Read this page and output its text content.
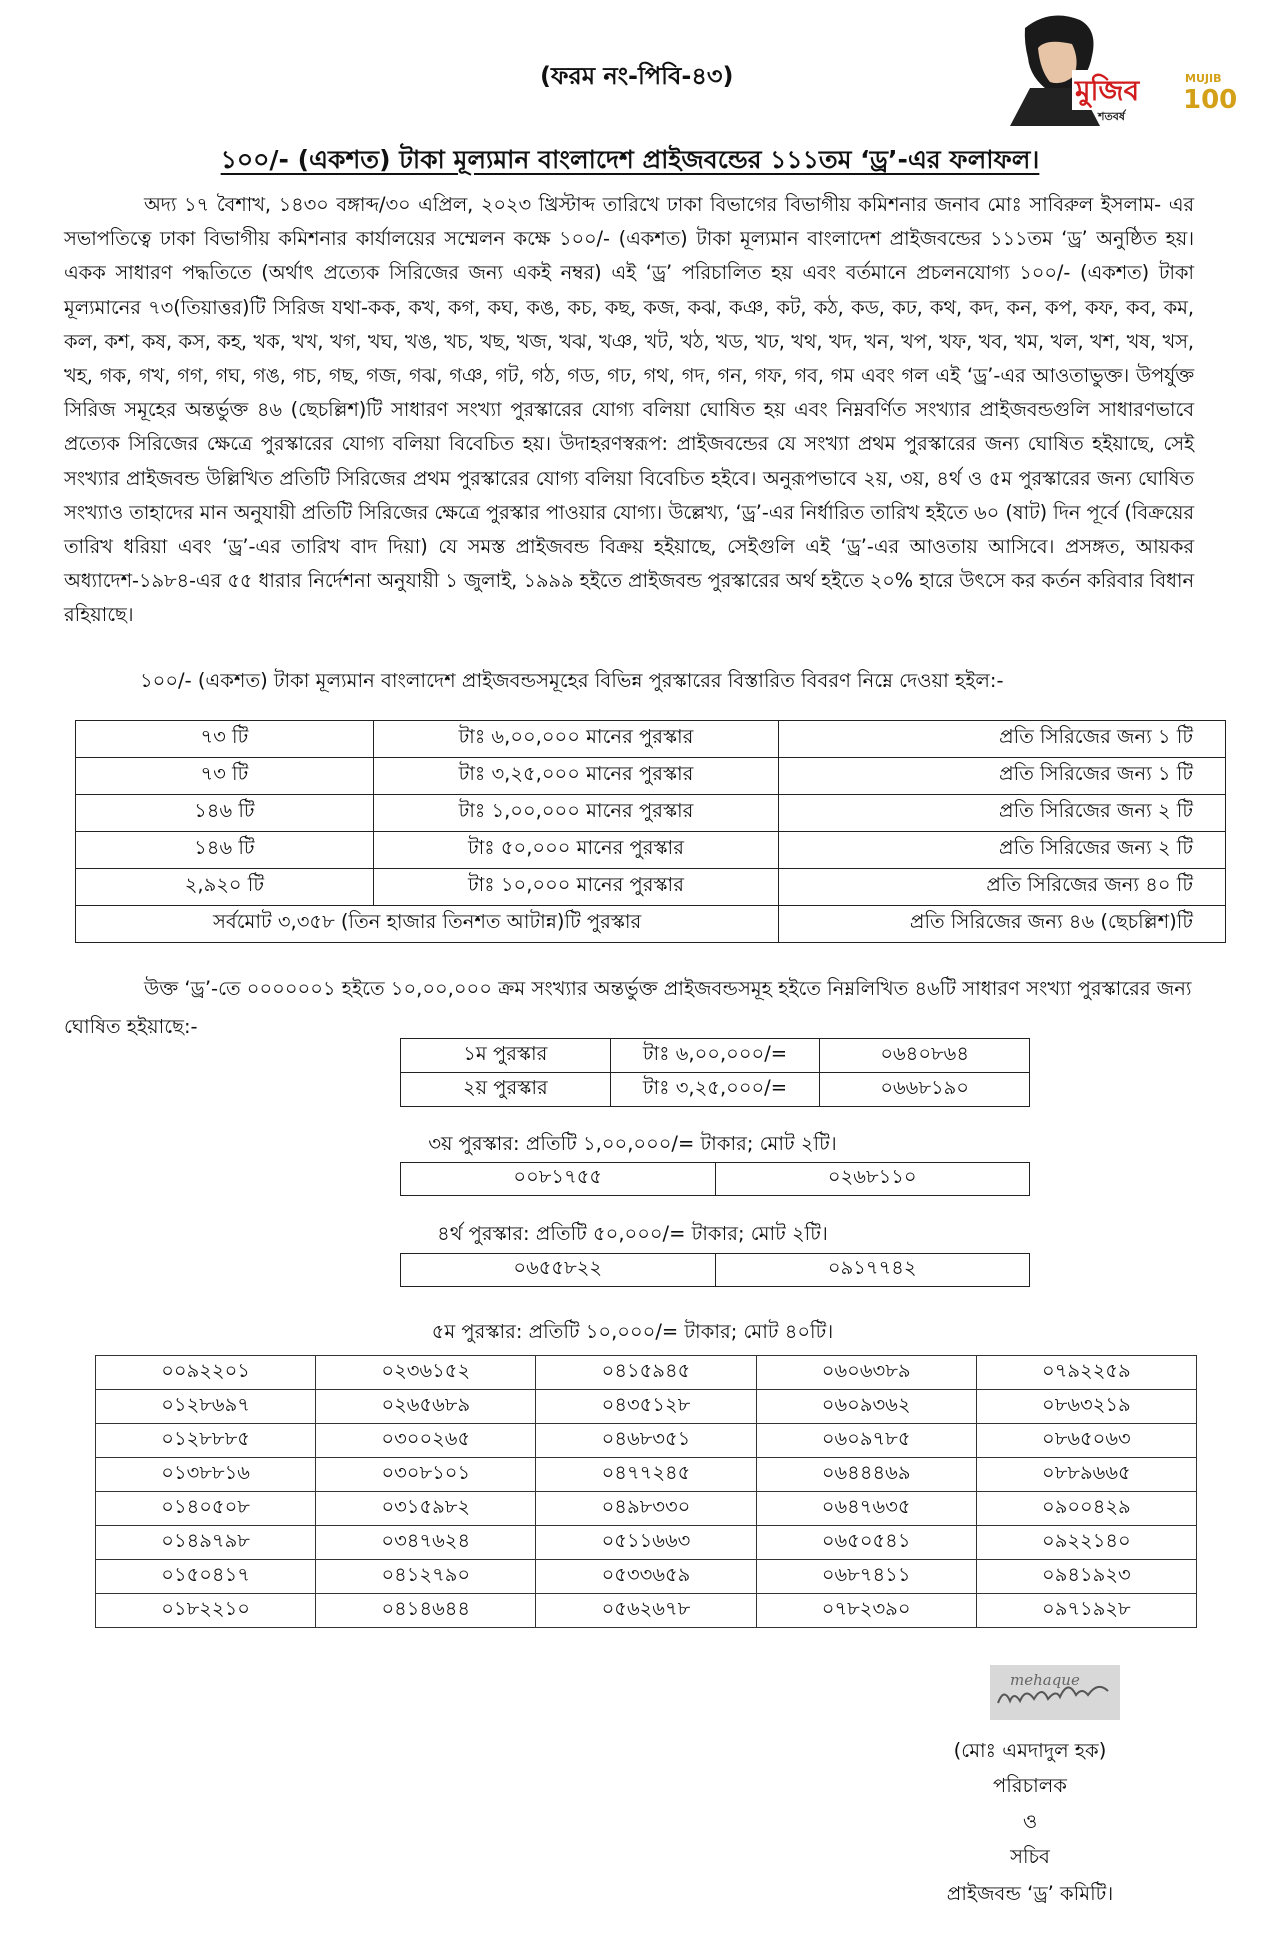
(ফরম নং-পিবি-৪৩)	মুজিব	MUJIB
100
শতবর্ষ
১০০/- (একশত) টাকা মূল্যমান বাংলাদেশ প্রাইজবন্ডের ১১১তম ‘ড্র’-এর ফলাফল।
অদ্য ১৭ বৈশাখ, ১৪৩০ বঙ্গাব্দ/৩০ এপ্রিল, ২০২৩ খ্রিস্টাব্দ তারিখে ঢাকা বিভাগের বিভাগীয় কমিশনার জনাব মোঃ সাবিরুল ইসলাম- এর সভাপতিত্বে ঢাকা বিভাগীয় কমিশনার কার্যালয়ের সম্মেলন কক্ষে ১০০/- (একশত) টাকা মূল্যমান বাংলাদেশ প্রাইজবন্ডের ১১১তম ‘ড্র’ অনুষ্ঠিত হয়। একক সাধারণ পদ্ধতিতে (অর্থাৎ প্রত্যেক সিরিজের জন্য একই নম্বর) এই ‘ড্র’ পরিচালিত হয় এবং বর্তমানে প্রচলনযোগ্য ১০০/- (একশত) টাকা মূল্যমানের ৭৩(তিয়াত্তর)টি সিরিজ যথা-কক, কখ, কগ, কঘ, কঙ, কচ, কছ, কজ, কঝ, কঞ, কট, কঠ, কড, কঢ, কথ, কদ, কন, কপ, কফ, কব, কম, কল, কশ, কষ, কস, কহ, খক, খখ, খগ, খঘ, খঙ, খচ, খছ, খজ, খঝ, খঞ, খট, খঠ, খড, খঢ, খথ, খদ, খন, খপ, খফ, খব, খম, খল, খশ, খষ, খস, খহ, গক, গখ, গগ, গঘ, গঙ, গচ, গছ, গজ, গঝ, গঞ, গট, গঠ, গড, গঢ, গথ, গদ, গন, গফ, গব, গম এবং গল এই ‘ড্র’-এর আওতাভুক্ত। উপর্যুক্ত সিরিজ সমূহের অন্তর্ভুক্ত ৪৬ (ছেচল্লিশ)টি সাধারণ সংখ্যা পুরস্কারের যোগ্য বলিয়া ঘোষিত হয় এবং নিম্নবর্ণিত সংখ্যার প্রাইজবন্ডগুলি সাধারণভাবে প্রত্যেক সিরিজের ক্ষেত্রে পুরস্কারের যোগ্য বলিয়া বিবেচিত হয়। উদাহরণস্বরূপ: প্রাইজবন্ডের যে সংখ্যা প্রথম পুরস্কারের জন্য ঘোষিত হইয়াছে, সেই সংখ্যার প্রাইজবন্ড উল্লিখিত প্রতিটি সিরিজের প্রথম পুরস্কারের যোগ্য বলিয়া বিবেচিত হইবে। অনুরূপভাবে ২য়, ৩য়, ৪র্থ ও ৫ম পুরস্কারের জন্য ঘোষিত সংখ্যাও তাহাদের মান অনুযায়ী প্রতিটি সিরিজের ক্ষেত্রে পুরস্কার পাওয়ার যোগ্য। উল্লেখ্য, ‘ড্র’-এর নির্ধারিত তারিখ হইতে ৬০ (ষাট) দিন পূর্বে (বিক্রয়ের তারিখ ধরিয়া এবং ‘ড্র’-এর তারিখ বাদ দিয়া) যে সমস্ত প্রাইজবন্ড বিক্রয় হইয়াছে, সেইগুলি এই ‘ড্র’-এর আওতায় আসিবে। প্রসঙ্গত, আয়কর অধ্যাদেশ-১৯৮৪-এর ৫৫ ধারার নির্দেশনা অনুযায়ী ১ জুলাই, ১৯৯৯ হইতে প্রাইজবন্ড পুরস্কারের অর্থ হইতে ২০% হারে উৎসে কর কর্তন করিবার বিধান রহিয়াছে।
১০০/- (একশত) টাকা মূল্যমান বাংলাদেশ প্রাইজবন্ডসমূহের বিভিন্ন পুরস্কারের বিস্তারিত বিবরণ নিম্নে দেওয়া হইল:-
৭৩ টি	টাঃ ৬,০০,০০০ মানের পুরস্কার	প্রতি সিরিজের জন্য ১ টি
৭৩ টি	টাঃ ৩,২৫,০০০ মানের পুরস্কার	প্রতি সিরিজের জন্য ১ টি
১৪৬ টি	টাঃ ১,০০,০০০ মানের পুরস্কার	প্রতি সিরিজের জন্য ২ টি
১৪৬ টি	টাঃ ৫০,০০০ মানের পুরস্কার	প্রতি সিরিজের জন্য ২ টি
২,৯২০ টি	টাঃ ১০,০০০ মানের পুরস্কার	প্রতি সিরিজের জন্য ৪০ টি
সর্বমোট ৩,৩৫৮ (তিন হাজার তিনশত আটান্ন)টি পুরস্কার		প্রতি সিরিজের জন্য ৪৬ (ছেচল্লিশ)টি
উক্ত ‘ড্র’-তে ০০০০০০১ হইতে ১০,০০,০০০ ক্রম সংখ্যার অন্তর্ভুক্ত প্রাইজবন্ডসমূহ হইতে নিম্নলিখিত ৪৬টি সাধারণ সংখ্যা পুরস্কারের জন্য ঘোষিত হইয়াছে:-
১ম পুরস্কার	টাঃ ৬,০০,০০০/=	০৬৪০৮৬৪
২য় পুরস্কার	টাঃ ৩,২৫,০০০/=	০৬৬৮১৯০
৩য় পুরস্কার: প্রতিটি ১,০০,০০০/= টাকার; মোট ২টি।
০০৮১৭৫৫	০২৬৮১১০
৪র্থ পুরস্কার: প্রতিটি ৫০,০০০/= টাকার; মোট ২টি।
০৬৫৫৮২২	০৯১৭৭৪২
৫ম পুরস্কার: প্রতিটি ১০,০০০/= টাকার; মোট ৪০টি।
০০৯২২০১	০২৩৬১৫২	০৪১৫৯৪৫	০৬০৬৩৮৯	০৭৯২২৫৯
০১২৮৬৯৭	০২৬৫৬৮৯	০৪৩৫১২৮	০৬০৯৩৬২	০৮৬৩২১৯
০১২৮৮৮৫	০৩০০২৬৫	০৪৬৮৩৫১	০৬০৯৭৮৫	০৮৬৫০৬৩
০১৩৮৮১৬	০৩০৮১০১	০৪৭৭২৪৫	০৬৪৪৪৬৯	০৮৮৯৬৬৫
০১৪০৫০৮	০৩১৫৯৮২	০৪৯৮৩৩০	০৬৪৭৬৩৫	০৯০০৪২৯
০১৪৯৭৯৮	০৩৪৭৬২৪	০৫১১৬৬৩	০৬৫০৫৪১	০৯২২১৪০
০১৫০৪১৭	০৪১২৭৯০	০৫৩৩৬৫৯	০৬৮৭৪১১	০৯৪১৯২৩
০১৮২২১০	০৪১৪৬৪৪	০৫৬২৬৭৮	০৭৮২৩৯০	০৯৭১৯২৮
mehaque
(মোঃ এমদাদুল হক)
পরিচালক
ও
সচিব
প্রাইজবন্ড ‘ড্র’ কমিটি।
